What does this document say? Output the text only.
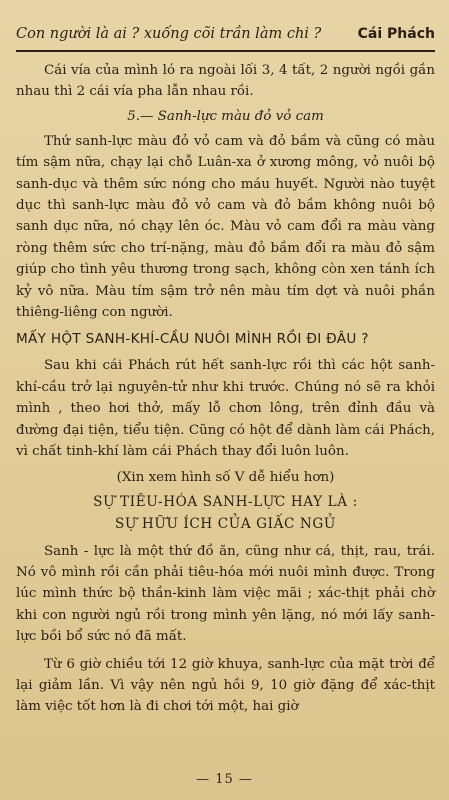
Con người là ai ? xuống cõi trần làm chi ?	Cái Phách

Cái vía của mình ló ra ngoài lối 3, 4 tất, 2 người ngồi gần nhau thì 2 cái vía pha lẫn nhau rồi.

5.— Sanh-lực màu đỏ vỏ cam

Thứ sanh-lực màu đỏ vỏ cam và đỏ bầm và cũng có màu tím sậm nữa, chạy lại chỗ Luân-xa ở xương mông, vỏ nuôi bộ sanh-dục và thêm sức nóng cho máu huyết. Người nào tuyệt dục thì sanh-lực màu đỏ vỏ cam và đỏ bầm không nuôi bộ sanh dục nữa, nó chạy lên óc. Màu vỏ cam đổi ra màu vàng ròng thêm sức cho trí-nặng, màu đỏ bầm đổi ra màu đỏ sậm giúp cho tình yêu thương trong sạch, không còn xen tánh ích kỷ vô nữa. Màu tím sậm trở nên màu tím dợt và nuôi phần thiêng-liêng con người.

MẤY HỘT SANH-KHÍ-CẦU NUÔI MÌNH RỒI ĐI ĐÂU ?

Sau khi cái Phách rút hết sanh-lực rồi thì các hột sanh-khí-cầu trở lại nguyên-tử như khi trước. Chúng nó sẽ ra khỏi mình , theo hơi thở, mấy lỗ chơn lông, trên đỉnh đầu và đường đại tiện, tiểu tiện. Cũng có hột để dành làm cái Phách, vì chất tinh-khí làm cái Phách thay đổi luôn luôn.

(Xin xem hình số V dễ hiểu hơn)
SỰ TIÊU-HÓA SANH-LỰC HAY LÀ :
SỰ HỮU ÍCH CỦA GIẤC NGỦ

Sanh - lực là một thứ đồ ăn, cũng như cá, thịt, rau, trái. Nó vô mình rồi cần phải tiêu-hóa mới nuôi mình được. Trong lúc mình thức bộ thần-kinh làm việc mãi ; xác-thịt phải chờ khi con người ngủ rồi trong mình yên lặng, nó mới lấy sanh-lực bồi bổ sức nó đã mất.

Từ 6 giờ chiều tới 12 giờ khuya, sanh-lực của mặt trời để lại giảm lần. Vì vậy nên ngủ hồi 9, 10 giờ đặng để xác-thịt làm việc tốt hơn là đi chơi tới một, hai giờ

— 15 —
